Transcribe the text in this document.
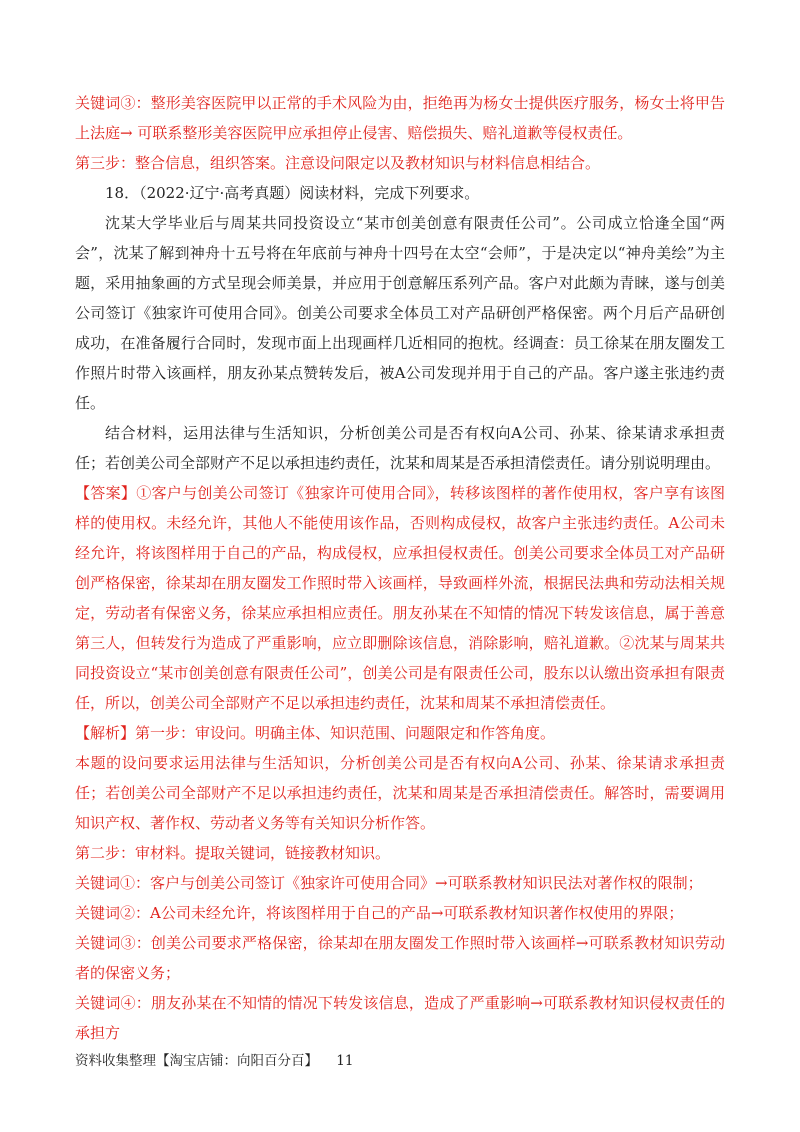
关键词③：整形美容医院甲以正常的手术风险为由，拒绝再为杨女士提供医疗服务，杨女士将甲告上法庭→ 可联系整形美容医院甲应承担停止侵害、赔偿损失、赔礼道歉等侵权责任。

第三步：整合信息，组织答案。注意设问限定以及教材知识与材料信息相结合。

18．（2022·辽宁·高考真题）阅读材料，完成下列要求。

沈某大学毕业后与周某共同投资设立“某市创美创意有限责任公司”。公司成立恰逢全国“两会”，沈某了解到神舟十五号将在年底前与神舟十四号在太空“会师”，于是决定以“神舟美绘”为主题，采用抽象画的方式呈现会师美景，并应用于创意解压系列产品。客户对此颇为青睐，遂与创美公司签订《独家许可使用合同》。创美公司要求全体员工对产品研创严格保密。两个月后产品研创成功，在准备履行合同时，发现市面上出现画样几近相同的抱枕。经调查：员工徐某在朋友圈发工作照片时带入该画样，朋友孙某点赞转发后，被A公司发现并用于自己的产品。客户遂主张违约责任。

结合材料，运用法律与生活知识，分析创美公司是否有权向A公司、孙某、徐某请求承担责任；若创美公司全部财产不足以承担违约责任，沈某和周某是否承担清偿责任。请分别说明理由。

【答案】①客户与创美公司签订《独家许可使用合同》，转移该图样的著作使用权，客户享有该图样的使用权。未经允许，其他人不能使用该作品，否则构成侵权，故客户主张违约责任。A公司未经允许，将该图样用于自己的产品，构成侵权，应承担侵权责任。创美公司要求全体员工对产品研创严格保密，徐某却在朋友圈发工作照时带入该画样，导致画样外流，根据民法典和劳动法相关规定，劳动者有保密义务，徐某应承担相应责任。朋友孙某在不知情的情况下转发该信息，属于善意第三人，但转发行为造成了严重影响，应立即删除该信息，消除影响，赔礼道歉。②沈某与周某共同投资设立“某市创美创意有限责任公司”，创美公司是有限责任公司，股东以认缴出资承担有限责任，所以，创美公司全部财产不足以承担违约责任，沈某和周某不承担清偿责任。

【解析】第一步：审设问。明确主体、知识范围、问题限定和作答角度。

本题的设问要求运用法律与生活知识，分析创美公司是否有权向A公司、孙某、徐某请求承担责任；若创美公司全部财产不足以承担违约责任，沈某和周某是否承担清偿责任。解答时，需要调用知识产权、著作权、劳动者义务等有关知识分析作答。

第二步：审材料。提取关键词，链接教材知识。

关键词①：客户与创美公司签订《独家许可使用合同》→可联系教材知识民法对著作权的限制；

关键词②：A公司未经允许，将该图样用于自己的产品→可联系教材知识著作权使用的界限；

关键词③：创美公司要求严格保密，徐某却在朋友圈发工作照时带入该画样→可联系教材知识劳动者的保密义务；

关键词④：朋友孙某在不知情的情况下转发该信息，造成了严重影响→可联系教材知识侵权责任的承担方

资料收集整理【淘宝店铺：向阳百分百】 11
